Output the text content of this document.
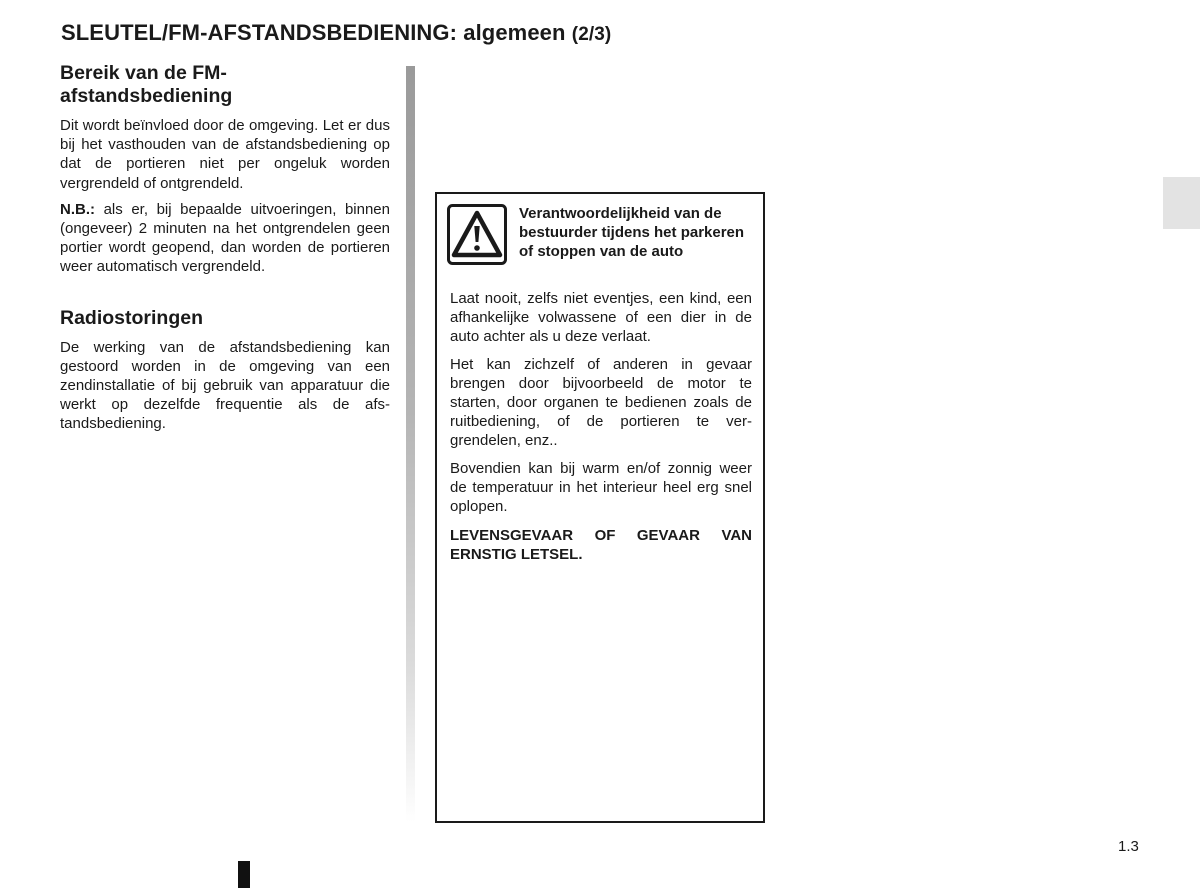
SLEUTEL/FM-AFSTANDSBEDIENING: algemeen (2/3)
Bereik van de FM-
afstandsbediening

Dit wordt beïnvloed door de omgeving. Let er dus bij het vasthouden van de afstandsbediening op dat de portieren niet per ongeluk worden vergrendeld of ontgrendeld.

N.B.: als er, bij bepaalde uitvoeringen, binnen (ongeveer) 2 minuten na het ontgrendelen geen portier wordt geopend, dan worden de portieren weer automatisch vergrendeld.

Radiostoringen

De werking van de afstandsbediening kan gestoord worden in de omgeving van een zendinstallatie of bij gebruik van apparatuur die werkt op dezelfde frequentie als de afstandsbediening.

Verantwoordelijkheid van de bestuurder tijdens het parkeren of stoppen van de auto

Laat nooit, zelfs niet eventjes, een kind, een afhankelijke volwassene of een dier in de auto achter als u deze verlaat.

Het kan zichzelf of anderen in gevaar brengen door bijvoorbeeld de motor te starten, door organen te bedienen zoals de ruitbediening, of de portieren te vergrendelen, enz..

Bovendien kan bij warm en/of zonnig weer de temperatuur in het interieur heel erg snel oplopen.

LEVENSGEVAAR OF GEVAAR VAN ERNSTIG LETSEL.

1.3
